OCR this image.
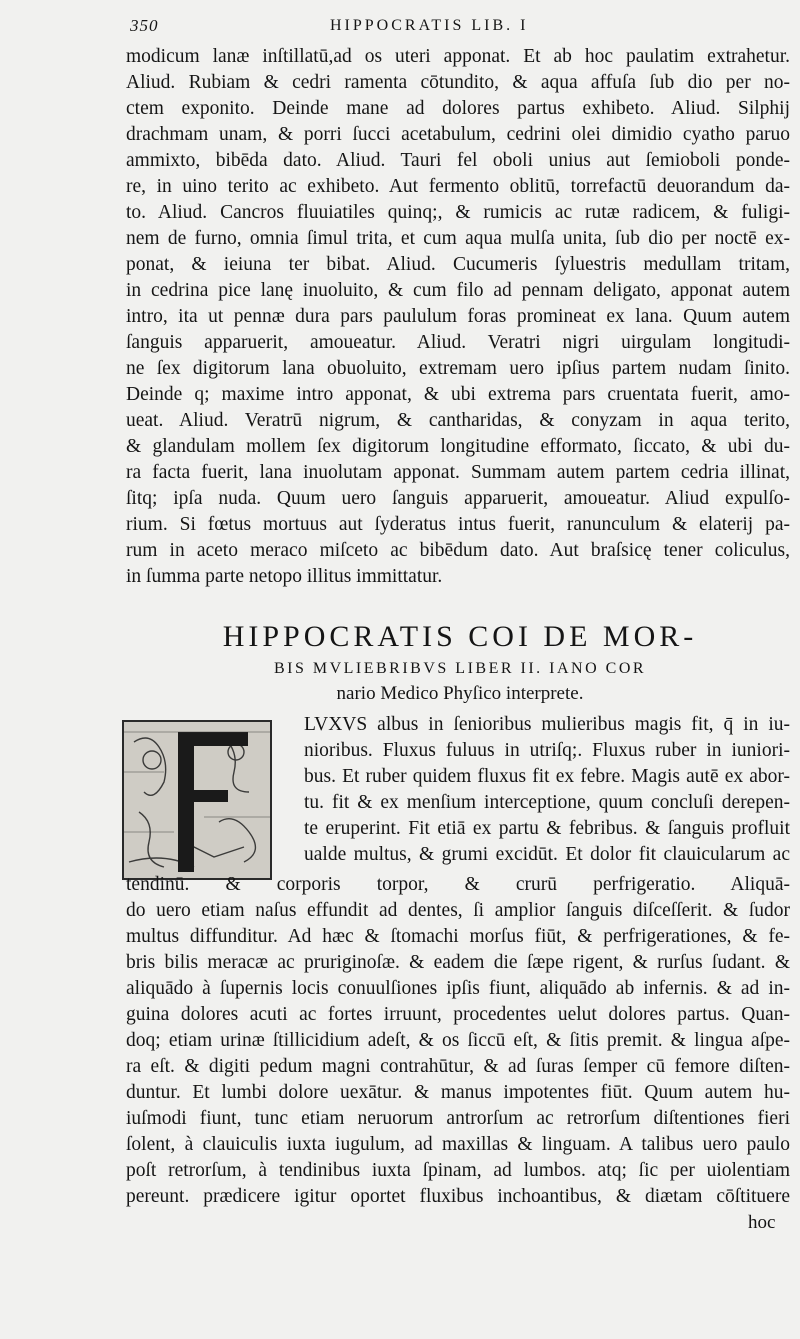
350	HIPPOCRATIS LIB. I
modicum lanæ inſtillatū,ad os uteri apponat. Et ab hoc paulatim extrahetur.
Aliud. Rubiam & cedri ramenta cōtundito, & aqua affuſa ſub dio per no-
ctem exponito. Deinde mane ad dolores partus exhibeto. Aliud. Silphij
drachmam unam, & porri ſucci acetabulum, cedrini olei dimidio cyatho paruo
ammixto, bibēda dato. Aliud. Tauri fel oboli unius aut ſemioboli ponde-
re, in uino terito ac exhibeto. Aut fermento oblitū, torrefactū deuorandum da-
to. Aliud. Cancros fluuiatiles quinq;, & rumicis ac rutæ radicem, & fuligi-
nem de furno, omnia ſimul trita, et cum aqua mulſa unita, ſub dio per noctē ex-
ponat, & ieiuna ter bibat. Aliud. Cucumeris ſyluestris medullam tritam,
in cedrina pice lanę inuoluito, & cum filo ad pennam deligato, apponat autem
intro, ita ut pennæ dura pars paululum foras promineat ex lana. Quum autem
ſanguis apparuerit, amoueatur. Aliud. Veratri nigri uirgulam longitudi-
ne ſex digitorum lana obuoluito, extremam uero ipſius partem nudam ſinito.
Deinde q; maxime intro apponat, & ubi extrema pars cruentata fuerit, amo-
ueat. Aliud. Veratrū nigrum, & cantharidas, & conyzam in aqua terito,
& glandulam mollem ſex digitorum longitudine efformato, ſiccato, & ubi du-
ra facta fuerit, lana inuolutam apponat. Summam autem partem cedria illinat,
ſitq; ipſa nuda. Quum uero ſanguis apparuerit, amoueatur. Aliud expulſo-
rium. Si fœtus mortuus aut ſyderatus intus fuerit, ranunculum & elaterij pa-
rum in aceto meraco miſceto ac bibēdum dato. Aut braſsicę tener coliculus,
in ſumma parte netopo illitus immittatur.
HIPPOCRATIS COI DE MOR-
BIS MVLIEBRIBVS LIBER II. IANO COR
nario Medico Phyſico interprete.
LVXVS albus in ſenioribus mulieribus magis fit, q̄ in iu-
nioribus. Fluxus fuluus in utriſq;. Fluxus ruber in iuniori-
bus. Et ruber quidem fluxus fit ex febre. Magis autē ex abor-
tu. fit & ex menſium interceptione, quum concluſi derepen-
te eruperint. Fit etiā ex partu & febribus. & ſanguis profluit
ualde multus, & grumi excidūt. Et dolor fit clauicularum ac
tendinū. & corporis torpor, & crurū perfrigeratio. Aliquā-
do uero etiam naſus effundit ad dentes, ſi amplior ſanguis diſceſſerit. & ſudor
multus diffunditur. Ad hæc & ſtomachi morſus fiūt, & perfrigerationes, & fe-
bris bilis meracæ ac pruriginoſæ. & eadem die ſæpe rigent, & rurſus ſudant. &
aliquādo à ſupernis locis conuulſiones ipſis fiunt, aliquādo ab infernis. & ad in-
guina dolores acuti ac fortes irruunt, procedentes uelut dolores partus. Quan-
doq; etiam urinæ ſtillicidium adeſt, & os ſiccū eſt, & ſitis premit. & lingua aſpe-
ra eſt. & digiti pedum magni contrahūtur, & ad ſuras ſemper cū femore diſten-
duntur. Et lumbi dolore uexātur. & manus impotentes fiūt. Quum autem hu-
iuſmodi fiunt, tunc etiam neruorum antrorſum ac retrorſum diſtentiones fieri
ſolent, à clauiculis iuxta iugulum, ad maxillas & linguam. A talibus uero paulo
poſt retrorſum, à tendinibus iuxta ſpinam, ad lumbos. atq; ſic per uiolentiam
pereunt. prædicere igitur oportet fluxibus inchoantibus, & diætam cōſtituere
hoc
